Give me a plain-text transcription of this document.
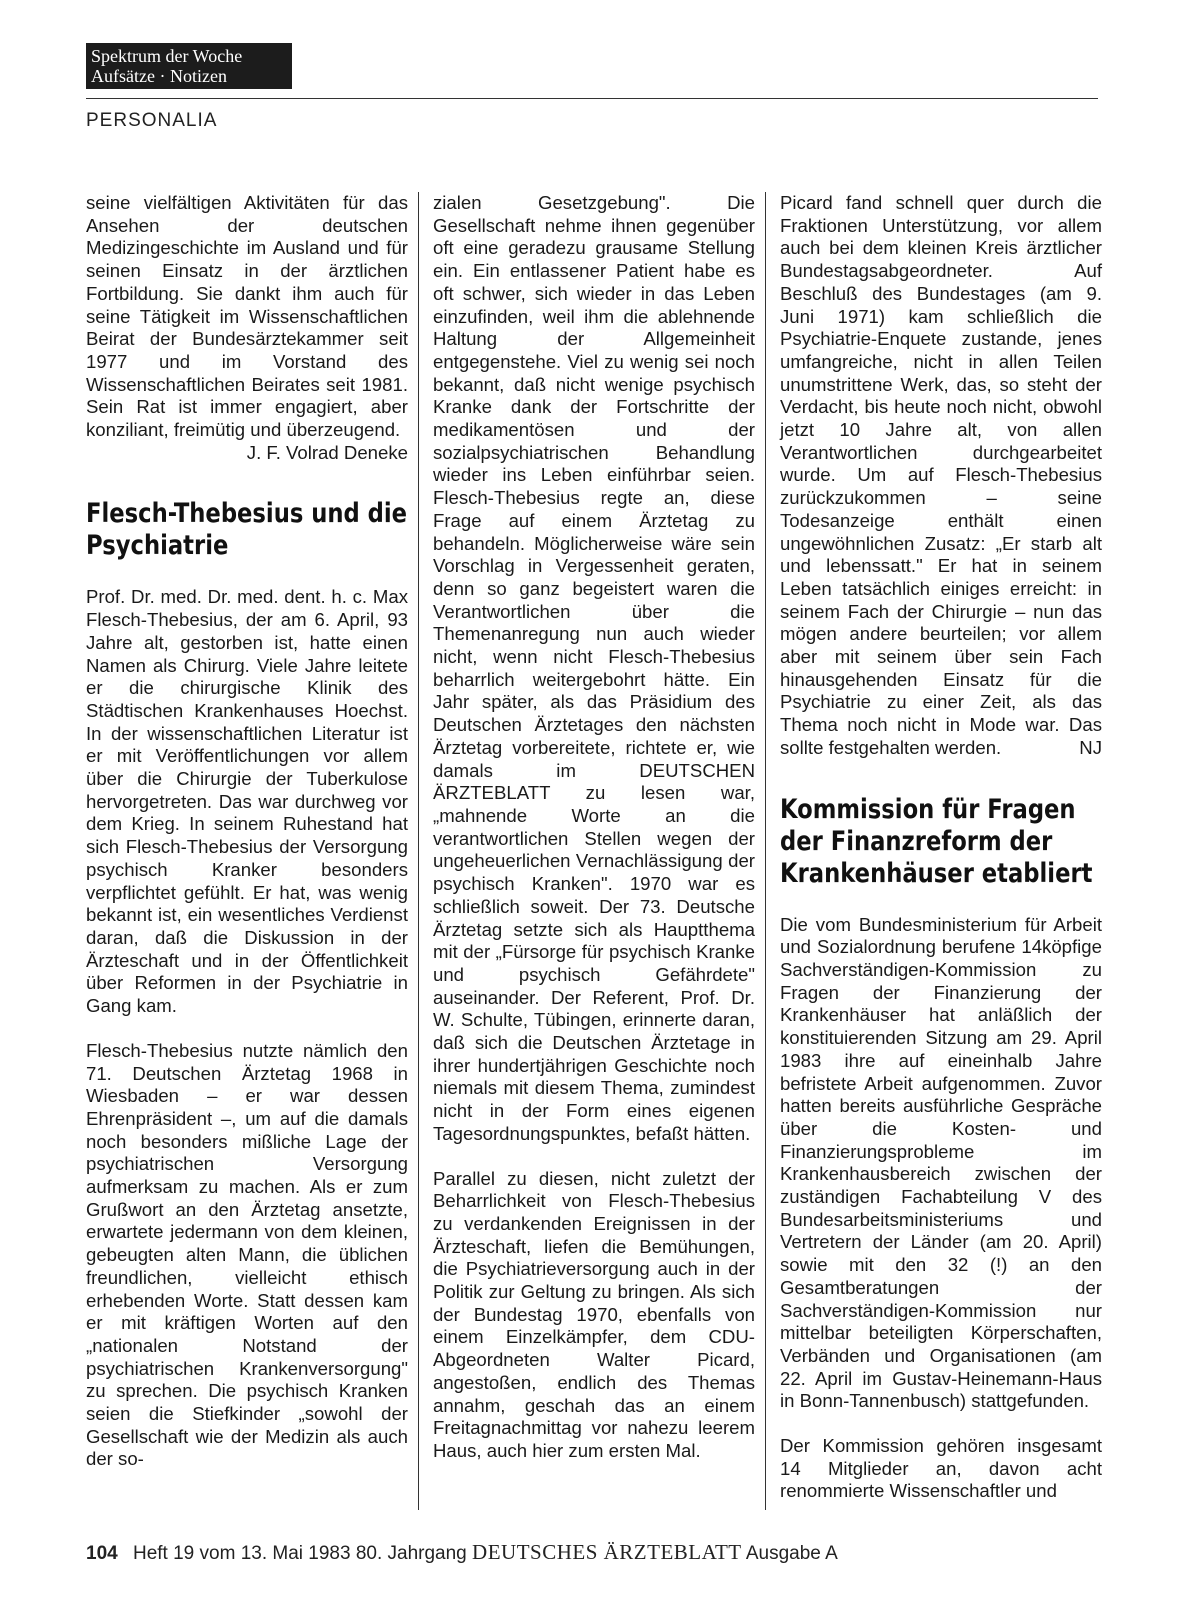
Spektrum der Woche
Aufsätze · Notizen
PERSONALIA

seine vielfältigen Aktivitäten für das Ansehen der deutschen Medizingeschichte im Ausland und für seinen Einsatz in der ärztlichen Fortbildung. Sie dankt ihm auch für seine Tätigkeit im Wissenschaftlichen Beirat der Bundesärztekammer seit 1977 und im Vorstand des Wissenschaftlichen Beirates seit 1981. Sein Rat ist immer engagiert, aber konziliant, freimütig und überzeugend.

J. F. Volrad Deneke
Flesch-Thebesius und die Psychiatrie

Prof. Dr. med. Dr. med. dent. h. c. Max Flesch-Thebesius, der am 6. April, 93 Jahre alt, gestorben ist, hatte einen Namen als Chirurg. Viele Jahre leitete er die chirurgische Klinik des Städtischen Krankenhauses Hoechst. In der wissenschaftlichen Literatur ist er mit Veröffentlichungen vor allem über die Chirurgie der Tuberkulose hervorgetreten. Das war durchweg vor dem Krieg. In seinem Ruhestand hat sich Flesch-Thebesius der Versorgung psychisch Kranker besonders verpflichtet gefühlt. Er hat, was wenig bekannt ist, ein wesentliches Verdienst daran, daß die Diskussion in der Ärzteschaft und in der Öffentlichkeit über Reformen in der Psychiatrie in Gang kam.

Flesch-Thebesius nutzte nämlich den 71. Deutschen Ärztetag 1968 in Wiesbaden – er war dessen Ehrenpräsident –, um auf die damals noch besonders mißliche Lage der psychiatrischen Versorgung aufmerksam zu machen. Als er zum Grußwort an den Ärztetag ansetzte, erwartete jedermann von dem kleinen, gebeugten alten Mann, die üblichen freundlichen, vielleicht ethisch erhebenden Worte. Statt dessen kam er mit kräftigen Worten auf den „nationalen Notstand der psychiatrischen Krankenversorgung" zu sprechen. Die psychisch Kranken seien die Stiefkinder „sowohl der Gesellschaft wie der Medizin als auch der so-

zialen Gesetzgebung". Die Gesellschaft nehme ihnen gegenüber oft eine geradezu grausame Stellung ein. Ein entlassener Patient habe es oft schwer, sich wieder in das Leben einzufinden, weil ihm die ablehnende Haltung der Allgemeinheit entgegenstehe. Viel zu wenig sei noch bekannt, daß nicht wenige psychisch Kranke dank der Fortschritte der medikamentösen und der sozialpsychiatrischen Behandlung wieder ins Leben einführbar seien. Flesch-Thebesius regte an, diese Frage auf einem Ärztetag zu behandeln. Möglicherweise wäre sein Vorschlag in Vergessenheit geraten, denn so ganz begeistert waren die Verantwortlichen über die Themenanregung nun auch wieder nicht, wenn nicht Flesch-Thebesius beharrlich weitergebohrt hätte. Ein Jahr später, als das Präsidium des Deutschen Ärztetages den nächsten Ärztetag vorbereitete, richtete er, wie damals im DEUTSCHEN ÄRZTEBLATT zu lesen war, „mahnende Worte an die verantwortlichen Stellen wegen der ungeheuerlichen Vernachlässigung der psychisch Kranken". 1970 war es schließlich soweit. Der 73. Deutsche Ärztetag setzte sich als Hauptthema mit der „Fürsorge für psychisch Kranke und psychisch Gefährdete" auseinander. Der Referent, Prof. Dr. W. Schulte, Tübingen, erinnerte daran, daß sich die Deutschen Ärztetage in ihrer hundertjährigen Geschichte noch niemals mit diesem Thema, zumindest nicht in der Form eines eigenen Tagesordnungspunktes, befaßt hätten.

Parallel zu diesen, nicht zuletzt der Beharrlichkeit von Flesch-Thebesius zu verdankenden Ereignissen in der Ärzteschaft, liefen die Bemühungen, die Psychiatrieversorgung auch in der Politik zur Geltung zu bringen. Als sich der Bundestag 1970, ebenfalls von einem Einzelkämpfer, dem CDU-Abgeordneten Walter Picard, angestoßen, endlich des Themas annahm, geschah das an einem Freitagnachmittag vor nahezu leerem Haus, auch hier zum ersten Mal.

Picard fand schnell quer durch die Fraktionen Unterstützung, vor allem auch bei dem kleinen Kreis ärztlicher Bundestagsabgeordneter. Auf Beschluß des Bundestages (am 9. Juni 1971) kam schließlich die Psychiatrie-Enquete zustande, jenes umfangreiche, nicht in allen Teilen unumstrittene Werk, das, so steht der Verdacht, bis heute noch nicht, obwohl jetzt 10 Jahre alt, von allen Verantwortlichen durchgearbeitet wurde. Um auf Flesch-Thebesius zurückzukommen – seine Todesanzeige enthält einen ungewöhnlichen Zusatz: „Er starb alt und lebenssatt." Er hat in seinem Leben tatsächlich einiges erreicht: in seinem Fach der Chirurgie – nun das mögen andere beurteilen; vor allem aber mit seinem über sein Fach hinausgehenden Einsatz für die Psychiatrie zu einer Zeit, als das Thema noch nicht in Mode war. Das sollte festgehalten werden.	NJ

Kommission für Fragen der Finanzreform der Krankenhäuser etabliert

Die vom Bundesministerium für Arbeit und Sozialordnung berufene 14köpfige Sachverständigen-Kommission zu Fragen der Finanzierung der Krankenhäuser hat anläßlich der konstituierenden Sitzung am 29. April 1983 ihre auf eineinhalb Jahre befristete Arbeit aufgenommen. Zuvor hatten bereits ausführliche Gespräche über die Kosten- und Finanzierungsprobleme im Krankenhausbereich zwischen der zuständigen Fachabteilung V des Bundesarbeitsministeriums und Vertretern der Länder (am 20. April) sowie mit den 32 (!) an den Gesamtberatungen der Sachverständigen-Kommission nur mittelbar beteiligten Körperschaften, Verbänden und Organisationen (am 22. April im Gustav-Heinemann-Haus in Bonn-Tannenbusch) stattgefunden.

Der Kommission gehören insgesamt 14 Mitglieder an, davon acht renommierte Wissenschaftler und

104 Heft 19 vom 13. Mai 1983 80. Jahrgang DEUTSCHES ÄRZTEBLATT Ausgabe A
